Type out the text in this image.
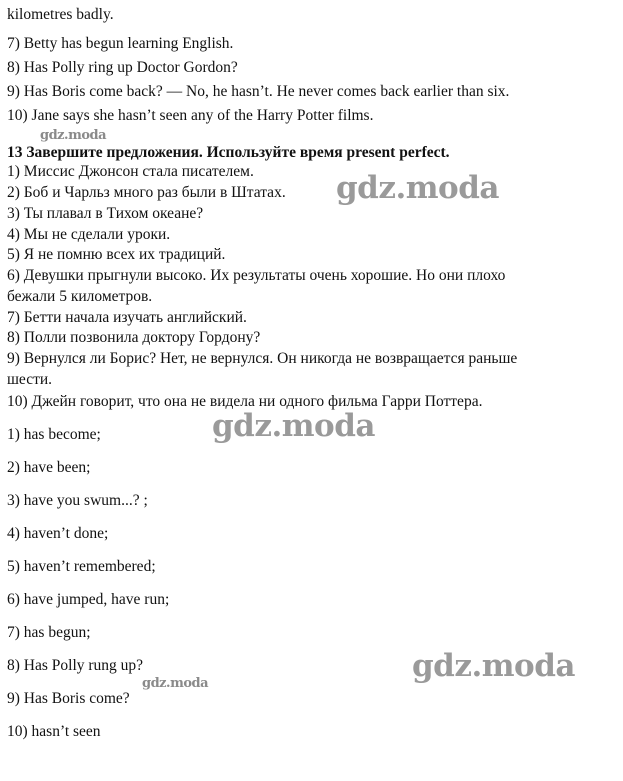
kilometres badly.
7) Betty has begun learning English.
8) Has Polly ring up Doctor Gordon?
9) Has Boris come back? — No, he hasn’t. He never comes back earlier than six.
10) Jane says she hasn’t seen any of the Harry Potter films.
13 Завершите предложения. Используйте время present perfect.
1) Миссис Джонсон стала писателем.
2) Боб и Чарльз много раз были в Штатах.
3) Ты плавал в Тихом океане?
4) Мы не сделали уроки.
5) Я не помню всех их традиций.
6) Девушки прыгнули высоко. Их результаты очень хорошие. Но они плохо
бежали 5 километров.
7) Бетти начала изучать английский.
8) Полли позвонила доктору Гордону?
9) Вернулся ли Борис? Нет, не вернулся. Он никогда не возвращается раньше
шести.
10) Джейн говорит, что она не видела ни одного фильма Гарри Поттера.
1) has become;
2) have been;
3) have you swum...? ;
4) haven’t done;
5) haven’t remembered;
6) have jumped, have run;
7) has begun;
8) Has Polly rung up?
9) Has Boris come?
10) hasn’t seen
gdz.moda
gdz.moda
gdz.moda
gdz.moda
gdz.moda
